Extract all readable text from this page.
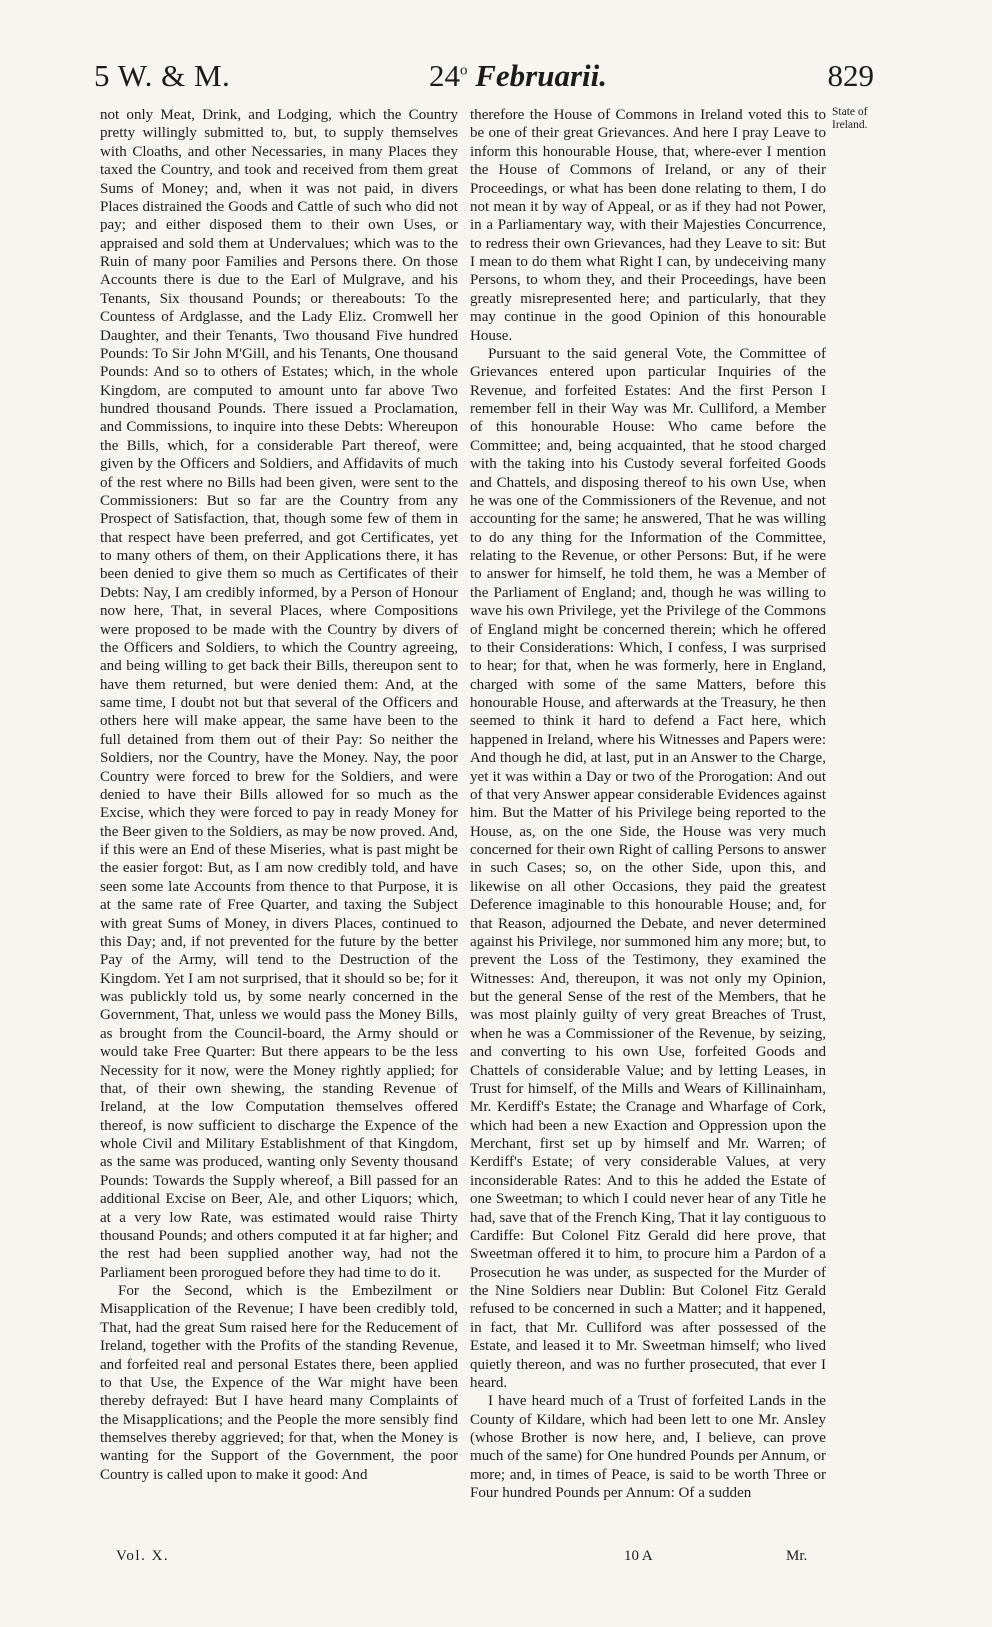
5 W. & M.	24$^o$ Februarii.	829

not only Meat, Drink, and Lodging, which the Country pretty willingly submitted to, but, to supply themselves with Cloaths, and other Necessaries, in many Places they taxed the Country, and took and received from them great Sums of Money; and, when it was not paid, in divers Places distrained the Goods and Cattle of such who did not pay; and either disposed them to their own Uses, or appraised and sold them at Undervalues; which was to the Ruin of many poor Families and Persons there. On those Accounts there is due to the Earl of Mulgrave, and his Tenants, Six thousand Pounds; or thereabouts: To the Countess of Ardglasse, and the Lady Eliz. Cromwell her Daughter, and their Tenants, Two thousand Five hundred Pounds: To Sir John M'Gill, and his Tenants, One thousand Pounds: And so to others of Estates; which, in the whole Kingdom, are computed to amount unto far above Two hundred thousand Pounds. There issued a Proclamation, and Commissions, to inquire into these Debts: Whereupon the Bills, which, for a considerable Part thereof, were given by the Officers and Soldiers, and Affidavits of much of the rest where no Bills had been given, were sent to the Commissioners: But so far are the Country from any Prospect of Satisfaction, that, though some few of them in that respect have been preferred, and got Certificates, yet to many others of them, on their Applications there, it has been denied to give them so much as Certificates of their Debts: Nay, I am credibly informed, by a Person of Honour now here, That, in several Places, where Compositions were proposed to be made with the Country by divers of the Officers and Soldiers, to which the Country agreeing, and being willing to get back their Bills, thereupon sent to have them returned, but were denied them: And, at the same time, I doubt not but that several of the Officers and others here will make appear, the same have been to the full detained from them out of their Pay: So neither the Soldiers, nor the Country, have the Money. Nay, the poor Country were forced to brew for the Soldiers, and were denied to have their Bills allowed for so much as the Excise, which they were forced to pay in ready Money for the Beer given to the Soldiers, as may be now proved. And, if this were an End of these Miseries, what is past might be the easier forgot: But, as I am now credibly told, and have seen some late Accounts from thence to that Purpose, it is at the same rate of Free Quarter, and taxing the Subject with great Sums of Money, in divers Places, continued to this Day; and, if not prevented for the future by the better Pay of the Army, will tend to the Destruction of the Kingdom. Yet I am not surprised, that it should so be; for it was publickly told us, by some nearly concerned in the Government, That, unless we would pass the Money Bills, as brought from the Council-board, the Army should or would take Free Quarter: But there appears to be the less Necessity for it now, were the Money rightly applied; for that, of their own shewing, the standing Revenue of Ireland, at the low Computation themselves offered thereof, is now sufficient to discharge the Expence of the whole Civil and Military Establishment of that Kingdom, as the same was produced, wanting only Seventy thousand Pounds: Towards the Supply whereof, a Bill passed for an additional Excise on Beer, Ale, and other Liquors; which, at a very low Rate, was estimated would raise Thirty thousand Pounds; and others computed it at far higher; and the rest had been supplied another way, had not the Parliament been prorogued before they had time to do it.

For the Second, which is the Embezilment or Misapplication of the Revenue; I have been credibly told, That, had the great Sum raised here for the Reducement of Ireland, together with the Profits of the standing Revenue, and forfeited real and personal Estates there, been applied to that Use, the Expence of the War might have been thereby defrayed: But I have heard many Complaints of the Misapplications; and the People the more sensibly find themselves thereby aggrieved; for that, when the Money is wanting for the Support of the Government, the poor Country is called upon to make it good: And

therefore the House of Commons in Ireland voted this to be one of their great Grievances. And here I pray Leave to inform this honourable House, that, where-ever I mention the House of Commons of Ireland, or any of their Proceedings, or what has been done relating to them, I do not mean it by way of Appeal, or as if they had not Power, in a Parliamentary way, with their Majesties Concurrence, to redress their own Grievances, had they Leave to sit: But I mean to do them what Right I can, by undeceiving many Persons, to whom they, and their Proceedings, have been greatly misrepresented here; and particularly, that they may continue in the good Opinion of this honourable House.

Pursuant to the said general Vote, the Committee of Grievances entered upon particular Inquiries of the Revenue, and forfeited Estates: And the first Person I remember fell in their Way was Mr. Culliford, a Member of this honourable House: Who came before the Committee; and, being acquainted, that he stood charged with the taking into his Custody several forfeited Goods and Chattels, and disposing thereof to his own Use, when he was one of the Commissioners of the Revenue, and not accounting for the same; he answered, That he was willing to do any thing for the Information of the Committee, relating to the Revenue, or other Persons: But, if he were to answer for himself, he told them, he was a Member of the Parliament of England; and, though he was willing to wave his own Privilege, yet the Privilege of the Commons of England might be concerned therein; which he offered to their Considerations: Which, I confess, I was surprised to hear; for that, when he was formerly, here in England, charged with some of the same Matters, before this honourable House, and afterwards at the Treasury, he then seemed to think it hard to defend a Fact here, which happened in Ireland, where his Witnesses and Papers were: And though he did, at last, put in an Answer to the Charge, yet it was within a Day or two of the Prorogation: And out of that very Answer appear considerable Evidences against him. But the Matter of his Privilege being reported to the House, as, on the one Side, the House was very much concerned for their own Right of calling Persons to answer in such Cases; so, on the other Side, upon this, and likewise on all other Occasions, they paid the greatest Deference imaginable to this honourable House; and, for that Reason, adjourned the Debate, and never determined against his Privilege, nor summoned him any more; but, to prevent the Loss of the Testimony, they examined the Witnesses: And, thereupon, it was not only my Opinion, but the general Sense of the rest of the Members, that he was most plainly guilty of very great Breaches of Trust, when he was a Commissioner of the Revenue, by seizing, and converting to his own Use, forfeited Goods and Chattels of considerable Value; and by letting Leases, in Trust for himself, of the Mills and Wears of Killinainham, Mr. Kerdiff's Estate; the Cranage and Wharfage of Cork, which had been a new Exaction and Oppression upon the Merchant, first set up by himself and Mr. Warren; of Kerdiff's Estate; of very considerable Values, at very inconsiderable Rates: And to this he added the Estate of one Sweetman; to which I could never hear of any Title he had, save that of the French King, That it lay contiguous to Cardiffe: But Colonel Fitz Gerald did here prove, that Sweetman offered it to him, to procure him a Pardon of a Prosecution he was under, as suspected for the Murder of the Nine Soldiers near Dublin: But Colonel Fitz Gerald refused to be concerned in such a Matter; and it happened, in fact, that Mr. Culliford was after possessed of the Estate, and leased it to Mr. Sweetman himself; who lived quietly thereon, and was no further prosecuted, that ever I heard.

I have heard much of a Trust of forfeited Lands in the County of Kildare, which had been lett to one Mr. Ansley (whose Brother is now here, and, I believe, can prove much of the same) for One hundred Pounds per Annum, or more; and, in times of Peace, is said to be worth Three or Four hundred Pounds per Annum: Of a sudden

State of Ireland.
Vol. X.	10 A	Mr.
